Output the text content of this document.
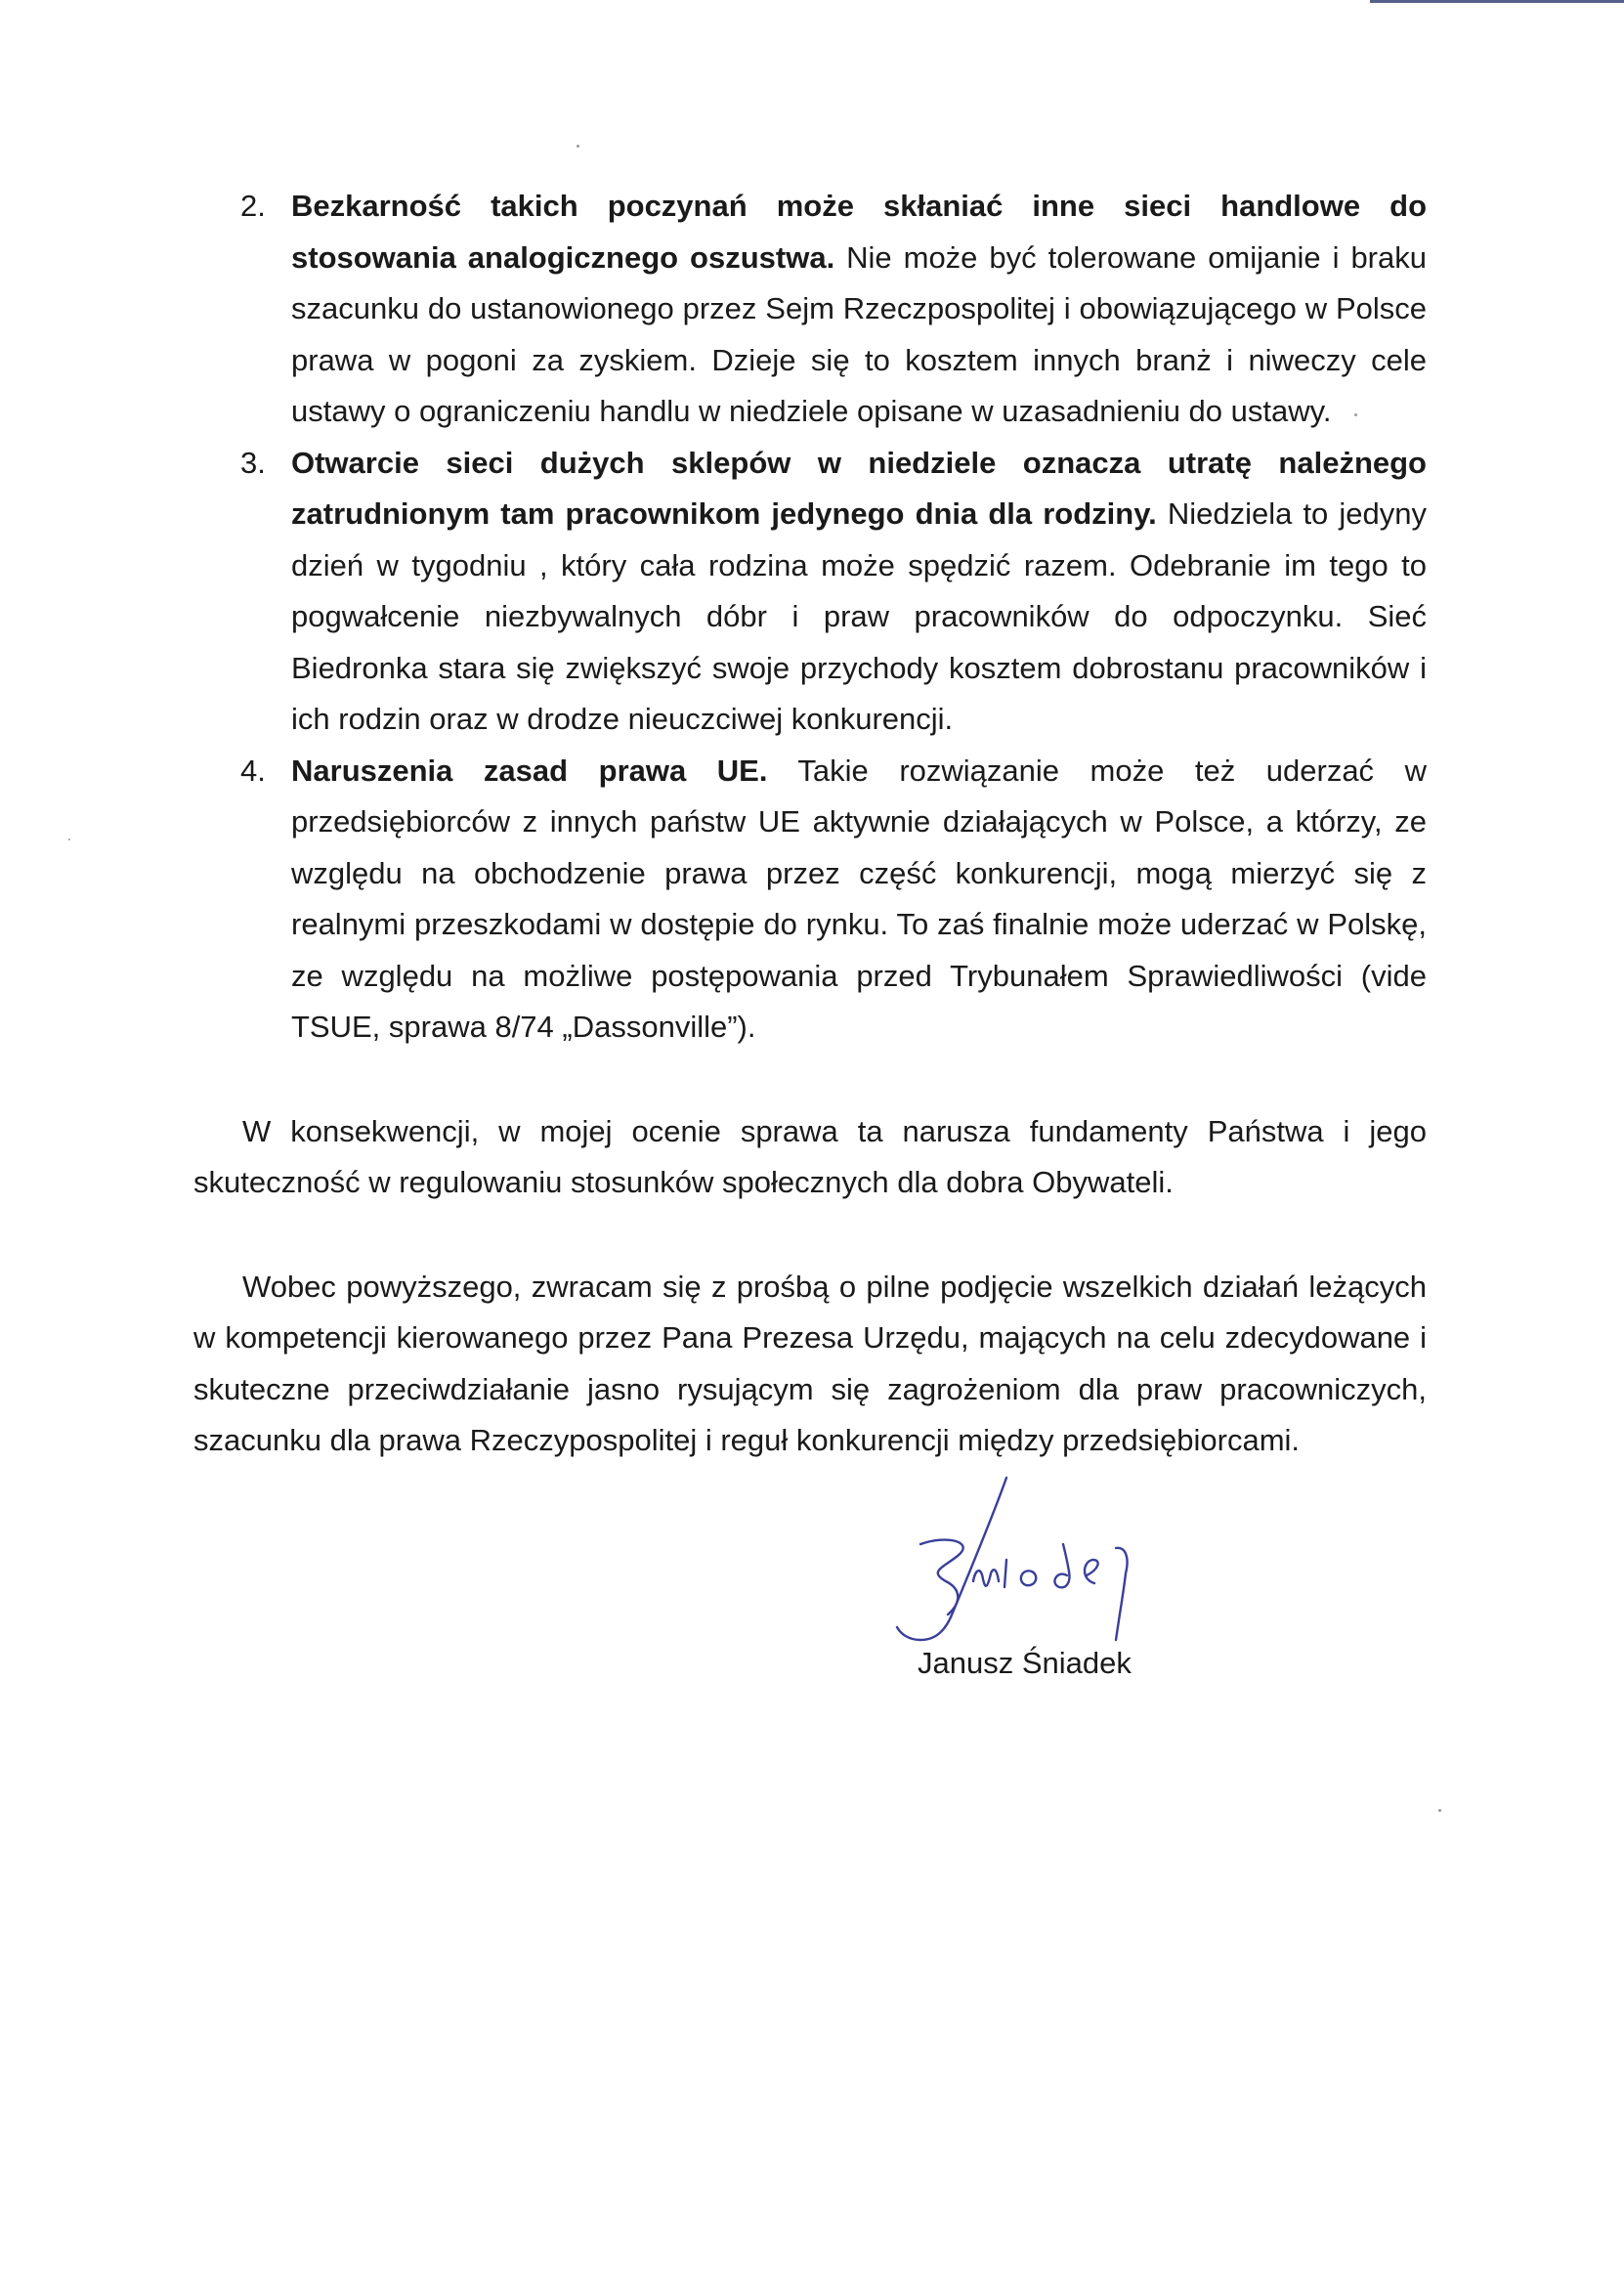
2. Bezkarność takich poczynań może skłaniać inne sieci handlowe do stosowania analogicznego oszustwa. Nie może być tolerowane omijanie i braku szacunku do ustanowionego przez Sejm Rzeczpospolitej i obowiązującego w Polsce prawa w pogoni za zyskiem. Dzieje się to kosztem innych branż i niweczy cele ustawy o ograniczeniu handlu w niedziele opisane w uzasadnieniu do ustawy.
3. Otwarcie sieci dużych sklepów w niedziele oznacza utratę należnego zatrudnionym tam pracownikom jedynego dnia dla rodziny. Niedziela to jedyny dzień w tygodniu , który cała rodzina może spędzić razem. Odebranie im tego to pogwałcenie niezbywalnych dóbr i praw pracowników do odpoczynku. Sieć Biedronka stara się zwiększyć swoje przychody kosztem dobrostanu pracowników i ich rodzin oraz w drodze nieuczciwej konkurencji.
4. Naruszenia zasad prawa UE. Takie rozwiązanie może też uderzać w przedsiębiorców z innych państw UE aktywnie działających w Polsce, a którzy, ze względu na obchodzenie prawa przez część konkurencji, mogą mierzyć się z realnymi przeszkodami w dostępie do rynku. To zaś finalnie może uderzać w Polskę, ze względu na możliwe postępowania przed Trybunałem Sprawiedliwości (vide TSUE, sprawa 8/74 „Dassonville”).

W konsekwencji, w mojej ocenie sprawa ta narusza fundamenty Państwa i jego skuteczność w regulowaniu stosunków społecznych dla dobra Obywateli.

Wobec powyższego, zwracam się z prośbą o pilne podjęcie wszelkich działań leżących w kompetencji kierowanego przez Pana Prezesa Urzędu, mających na celu zdecydowane i skuteczne przeciwdziałanie jasno rysującym się zagrożeniom dla praw pracowniczych, szacunku dla prawa Rzeczypospolitej i reguł konkurencji między przedsiębiorcami.

Janusz Śniadek
